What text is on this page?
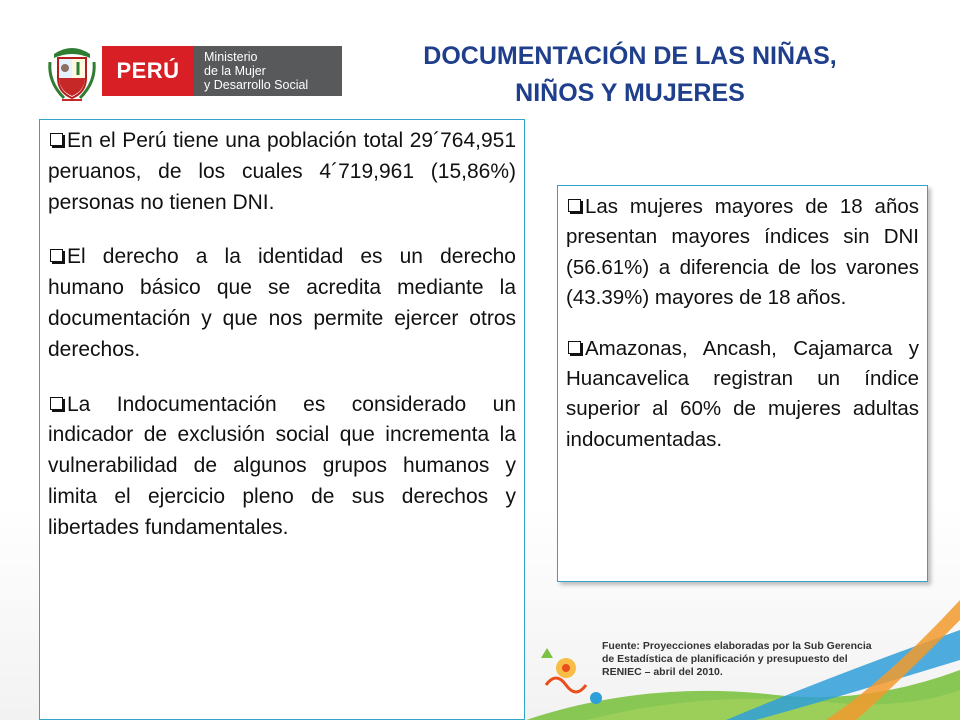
PERÚ
Ministerio
de la Mujer
y Desarrollo Social
DOCUMENTACIÓN DE LAS NIÑAS,
NIÑOS Y MUJERES

En el Perú tiene una población total 29´764,951 peruanos, de los cuales 4´719,961 (15,86%) personas no tienen DNI.

El derecho a la identidad es un derecho humano básico que se acredita mediante la documentación y que nos permite ejercer otros derechos.

La Indocumentación es considerado un indicador de exclusión social que incrementa la vulnerabilidad de algunos grupos humanos y limita el ejercicio pleno de sus derechos y libertades fundamentales.

Las mujeres mayores de 18 años presentan mayores índices sin DNI (56.61%) a diferencia de los varones (43.39%) mayores de 18 años.

Amazonas, Ancash, Cajamarca y Huancavelica registran un índice superior al 60% de mujeres adultas indocumentadas.

Fuente: Proyecciones elaboradas por la Sub Gerencia de Estadística de planificación y presupuesto del RENIEC – abril del 2010.
